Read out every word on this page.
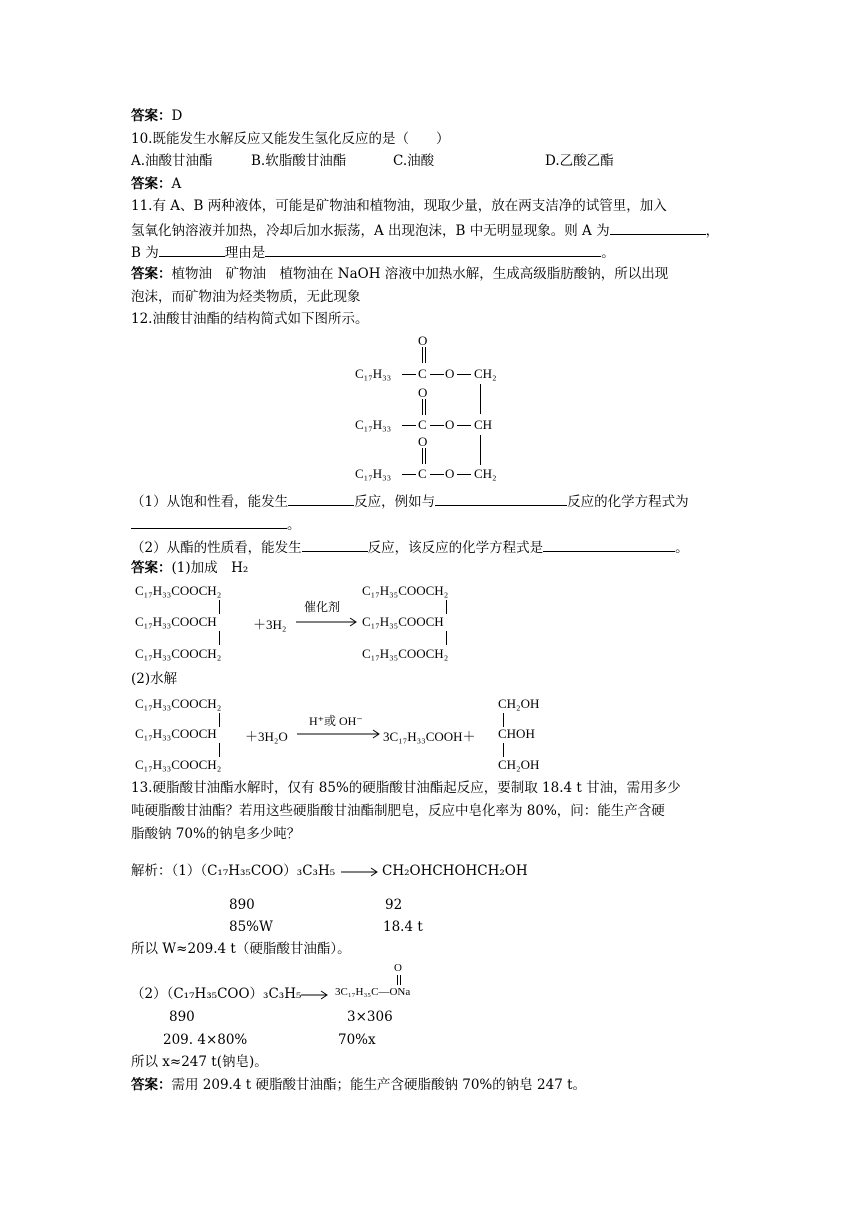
答案：D
10.既能发生水解反应又能发生氢化反应的是（　　）
A.油酸甘油酯	B.软脂酸甘油酯	C.油酸	D.乙酸乙酯
答案：A
11.有 A、B 两种液体，可能是矿物油和植物油，现取少量，放在两支洁净的试管里，加入
氢氧化钠溶液并加热，冷却后加水振荡，A 出现泡沫，B 中无明显现象。则 A 为	，
B 为	理由是	。
答案：植物油　矿物油　植物油在 NaOH 溶液中加热水解，生成高级脂肪酸钠，所以出现
泡沫，而矿物油为烃类物质，无此现象
12.油酸甘油酯的结构简式如下图所示。
O
C₁₇H₃₃ C O CH₂
O
C₁₇H₃₃ C O CH
O
C₁₇H₃₃ C O CH₂
（1）从饱和性看，能发生	反应，例如与	反应的化学方程式为
。
（2）从酯的性质看，能发生	反应，该反应的化学方程式是	。
答案：(1)加成　H₂
C₁₇H₃₃COOCH₂
C₁₇H₃₃COOCH
C₁₇H₃₃COOCH₂
＋3H₂
催化剂
C₁₇H₃₅COOCH₂
C₁₇H₃₅COOCH
C₁₇H₃₅COOCH₂
(2)水解
C₁₇H₃₃COOCH₂
C₁₇H₃₃COOCH
C₁₇H₃₃COOCH₂
＋3H₂O
H⁺或 OH⁻
3C₁₇H₃₃COOH＋
CH₂OH
CHOH
CH₂OH
13.硬脂酸甘油酯水解时，仅有 85%的硬脂酸甘油酯起反应，要制取 18.4 t 甘油，需用多少
吨硬脂酸甘油酯？若用这些硬脂酸甘油酯制肥皂，反应中皂化率为 80%，问：能生产含硬
脂酸钠 70%的钠皂多少吨？
解析：（1）（C₁₇H₃₅COO）₃C₃H₅ → CH₂OHCHOHCH₂OH
890	92
85%W	18.4 t
所以 W≈209.4 t（硬脂酸甘油酯）。
（2）（C₁₇H₃₅COO）₃C₃H₅ →
O
3C₁₇H₃₅C—ONa
890	3×306
209. 4×80%	70%x
所以 x≈247 t(钠皂)。
答案：需用 209.4 t 硬脂酸甘油酯；能生产含硬脂酸钠 70%的钠皂 247 t。
